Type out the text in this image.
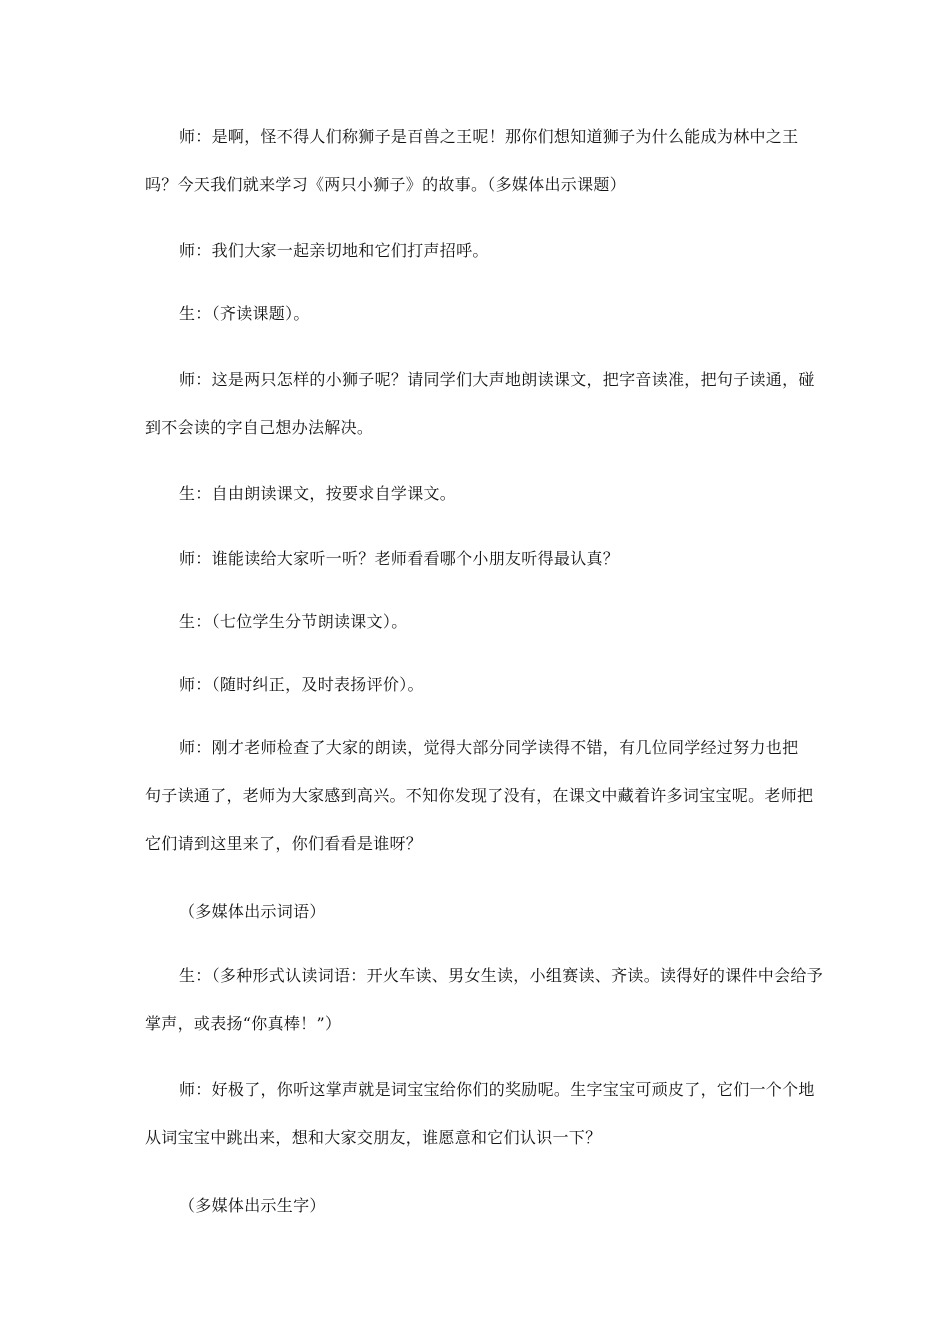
师：是啊，怪不得人们称狮子是百兽之王呢！那你们想知道狮子为什么能成为林中之王
吗？今天我们就来学习《两只小狮子》的故事。（多媒体出示课题）
师：我们大家一起亲切地和它们打声招呼。
生：（齐读课题）。
师：这是两只怎样的小狮子呢？请同学们大声地朗读课文，把字音读准，把句子读通，碰
到不会读的字自己想办法解决。
生：自由朗读课文，按要求自学课文。
师：谁能读给大家听一听？老师看看哪个小朋友听得最认真？
生：（七位学生分节朗读课文）。
师：（随时纠正，及时表扬评价）。
师：刚才老师检查了大家的朗读，觉得大部分同学读得不错，有几位同学经过努力也把
句子读通了，老师为大家感到高兴。不知你发现了没有，在课文中藏着许多词宝宝呢。老师把
它们请到这里来了，你们看看是谁呀？
（多媒体出示词语）
生：（多种形式认读词语：开火车读、男女生读，小组赛读、齐读。读得好的课件中会给予
掌声，或表扬“你真棒！”）
师：好极了，你听这掌声就是词宝宝给你们的奖励呢。生字宝宝可顽皮了，它们一个个地
从词宝宝中跳出来，想和大家交朋友，谁愿意和它们认识一下？
（多媒体出示生字）
